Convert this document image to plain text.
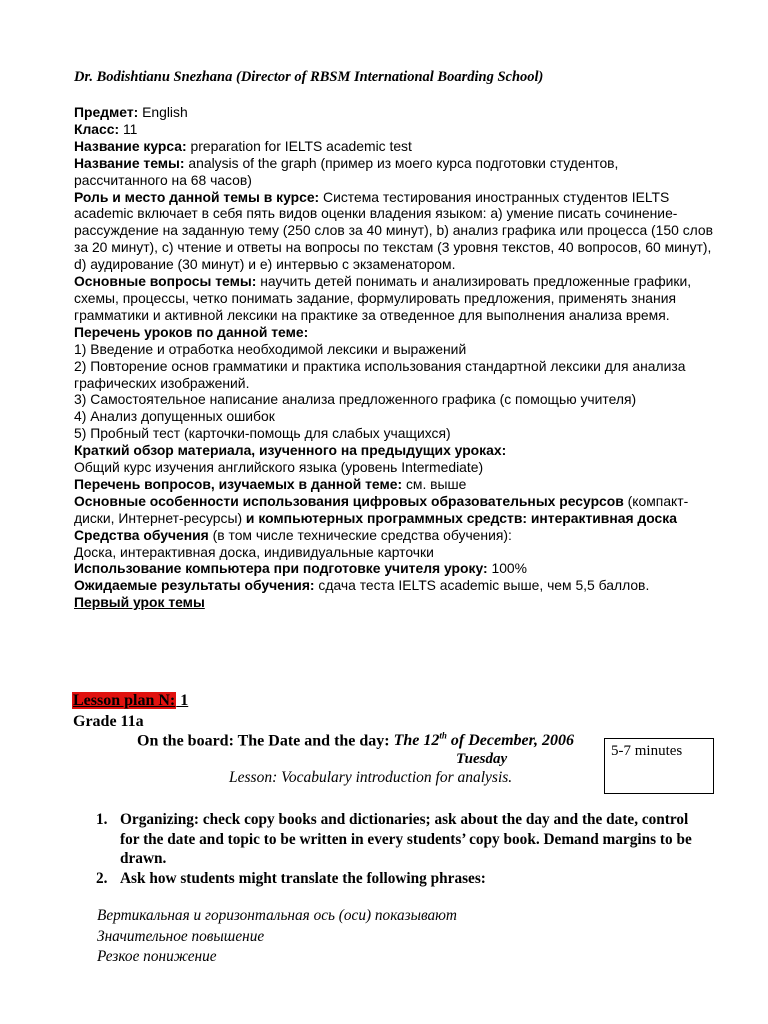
Dr. Bodishtianu Snezhana (Director of RBSM International Boarding School)

Предмет: English

Класс: 11

Название курса: preparation for IELTS academic test

Название темы: analysis of the graph (пример из моего курса подготовки студентов, рассчитанного на 68 часов)

Роль и место данной темы в курсе: Система тестирования иностранных студентов IELTS academic включает в себя пять видов оценки владения языком: а) умение писать сочинение-рассуждение на заданную тему (250 слов за 40 минут), b) анализ графика или процесса (150 слов за 20 минут), c) чтение и ответы на вопросы по текстам (3 уровня текстов, 40 вопросов, 60 минут), d) аудирование (30 минут) и е) интервью с экзаменатором.

Основные вопросы темы: научить детей понимать и анализировать предложенные графики, схемы, процессы, четко понимать задание, формулировать предложения, применять знания грамматики и активной лексики на практике за отведенное для выполнения анализа время.

Перечень уроков по данной теме:

1) Введение и отработка необходимой лексики и выражений

2) Повторение основ грамматики и практика использования стандартной лексики для анализа графических изображений.

3) Самостоятельное написание анализа предложенного графика (с помощью учителя)

4) Анализ допущенных ошибок

5) Пробный тест (карточки-помощь для слабых учащихся)

Краткий обзор материала, изученного на предыдущих уроках:

Общий курс изучения английского языка (уровень Intermediate)

Перечень вопросов, изучаемых в данной теме: см. выше

Основные особенности использования цифровых образовательных ресурсов (компакт-диски, Интернет-ресурсы) и компьютерных программных средств: интерактивная доска

Средства обучения (в том числе технические средства обучения):

Доска, интерактивная доска, индивидуальные карточки

Использование компьютера при подготовке учителя уроку: 100%

Ожидаемые результаты обучения: сдача теста IELTS academic выше, чем 5,5 баллов.

Первый урок темы

Lesson plan N: 1
Grade 11a
On the board: The Date and the day: The 12th of December, 2006
Tuesday
Lesson: Vocabulary introduction for analysis.
5-7 minutes
1. Organizing: check copy books and dictionaries; ask about the day and the date, control for the date and topic to be written in every students’ copy book. Demand margins to be drawn.
2. Ask how students might translate the following phrases:
Вертикальная и горизонтальная ось (оси) показывают
Значительное повышение
Резкое понижение
